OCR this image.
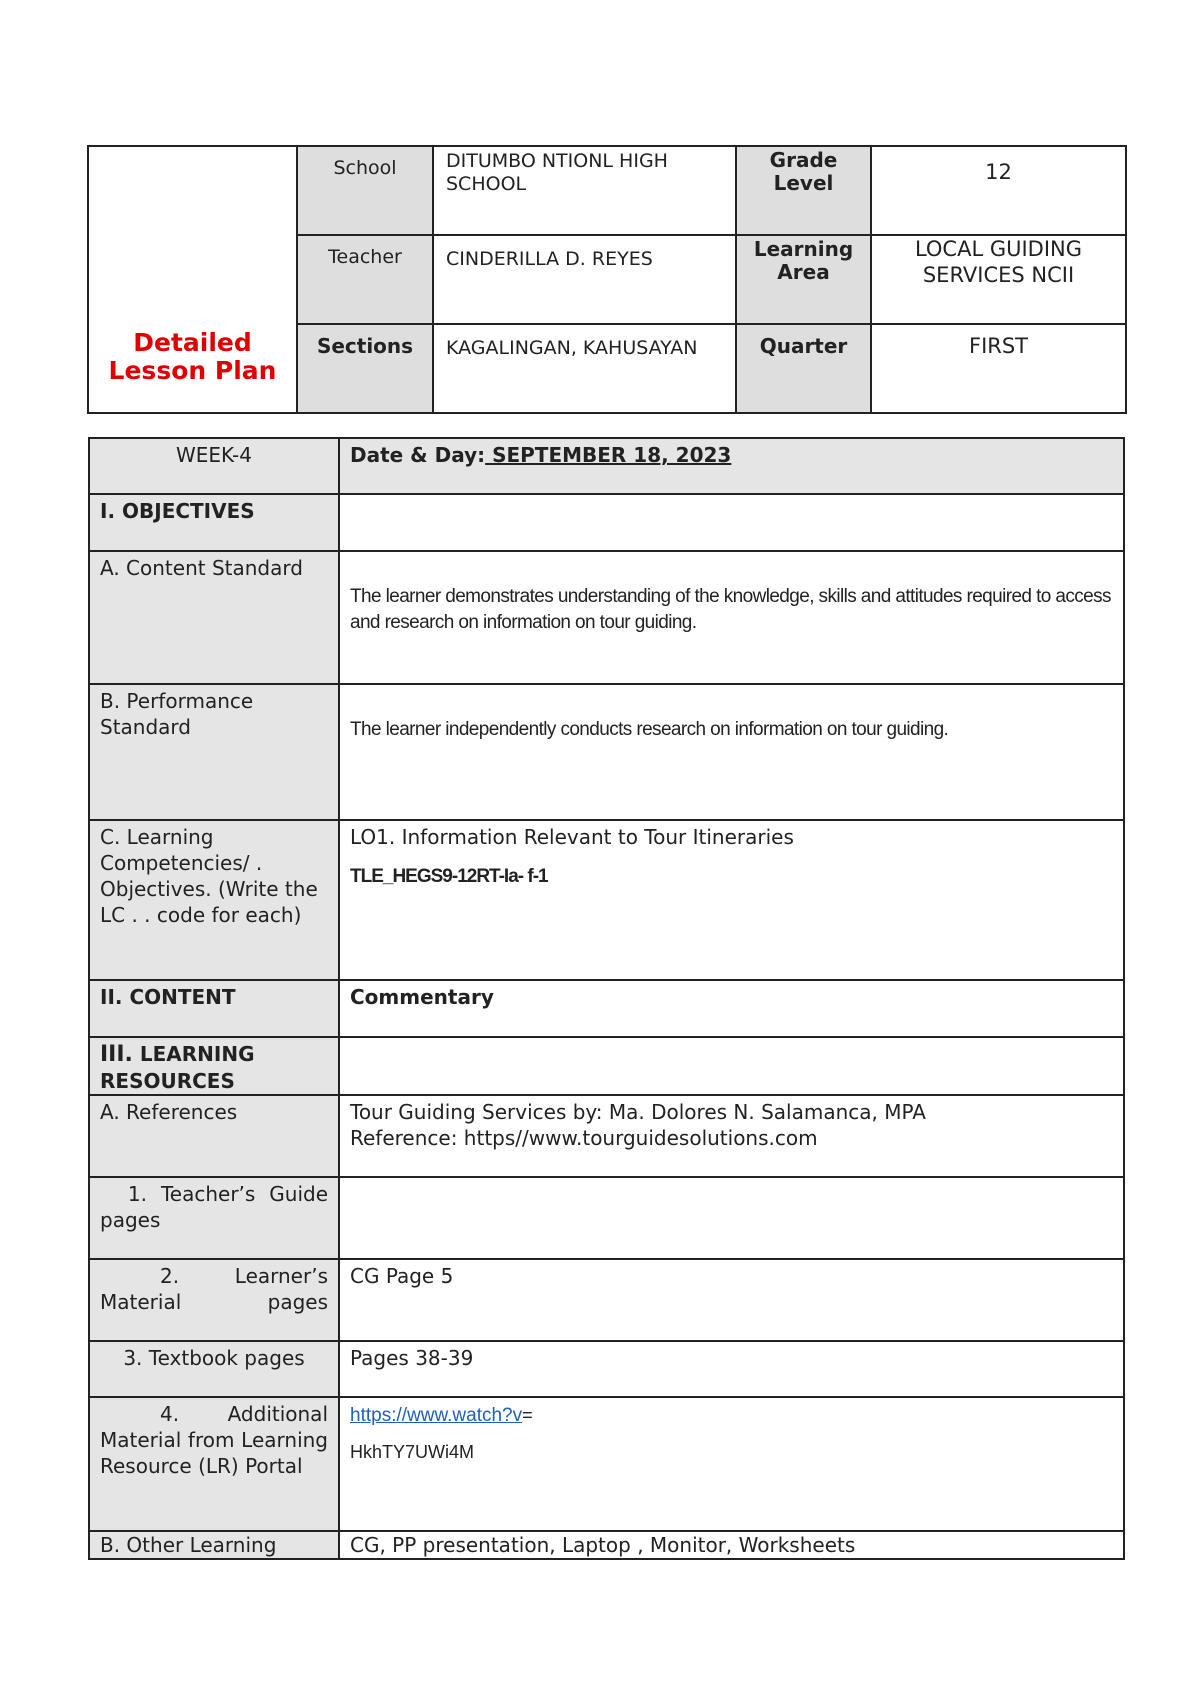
Detailed
Lesson Plan	School	DITUMBO NTIONL HIGH SCHOOL	Grade Level	12
	Teacher	CINDERILLA D. REYES	Learning Area	LOCAL GUIDING SERVICES NCII
	Sections	KAGALINGAN, KAHUSAYAN	Quarter	FIRST
WEEK-4	Date & Day: SEPTEMBER 18, 2023
I. OBJECTIVES	
A. Content Standard	The learner demonstrates understanding of the knowledge, skills and attitudes required to access and research on information on tour guiding.
B. Performance Standard	The learner independently conducts research on information on tour guiding.
C. Learning Competencies/ . Objectives. (Write the LC . . code for each)	LO1. Information Relevant to Tour Itineraries
TLE_HEGS9-12RT-Ia- f-1

II. CONTENT	Commentary
III. LEARNING RESOURCES	
A. References	Tour Guiding Services by: Ma. Dolores N. Salamanca, MPA
Reference: https//www.tourguidesolutions.com

1. Teacher’s Guide pages	

2. Learner’s Material pages	CG Page 5
3. Textbook pages	Pages 38-39

4. Additional Material from Learning Resource (LR) Portal	https://www.watch?v=
HkhTY7UWi4M

B. Other Learning	CG, PP presentation, Laptop , Monitor, Worksheets
